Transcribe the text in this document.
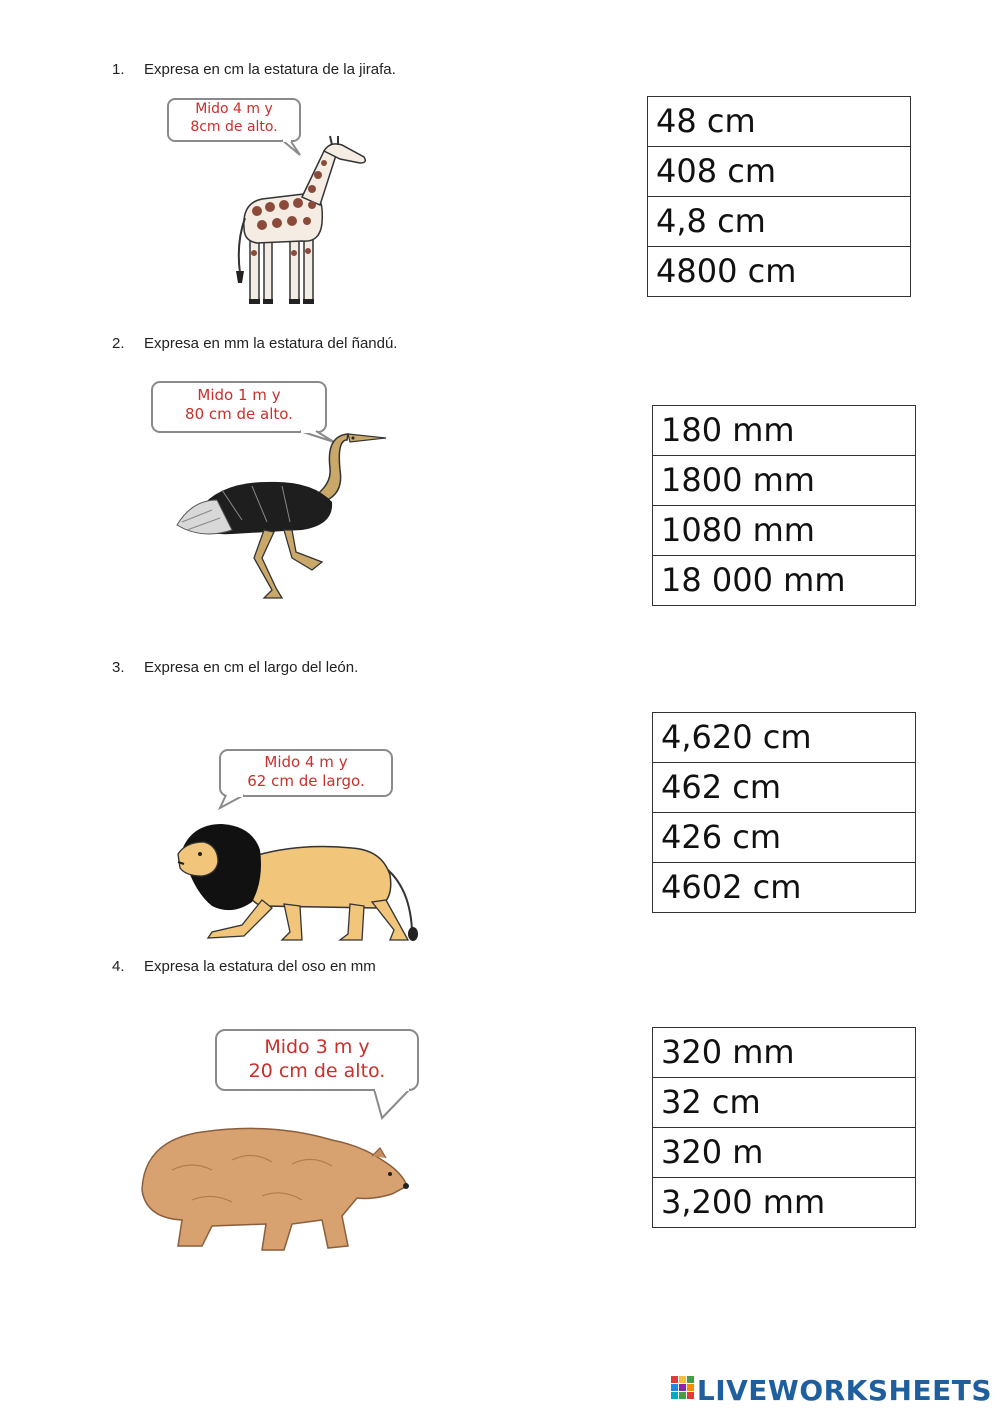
1. Expresa en cm la estatura de la jirafa.
Mido 4 m y
8cm de alto.	48 cm
408 cm
4,8 cm
4800 cm
2. Expresa en mm la estatura del ñandú.
Mido 1 m y
80 cm de alto.	180 mm
1800 mm
1080 mm
18 000 mm
3. Expresa en cm el largo del león.
Mido 4 m y
62 cm de largo.
4,620 cm
462 cm
426 cm
4602 cm
4. Expresa la estatura del oso en mm
Mido 3 m y
20 cm de alto.	320 mm
32 cm
320 m
3,200 mm
LIVEWORKSHEETS
